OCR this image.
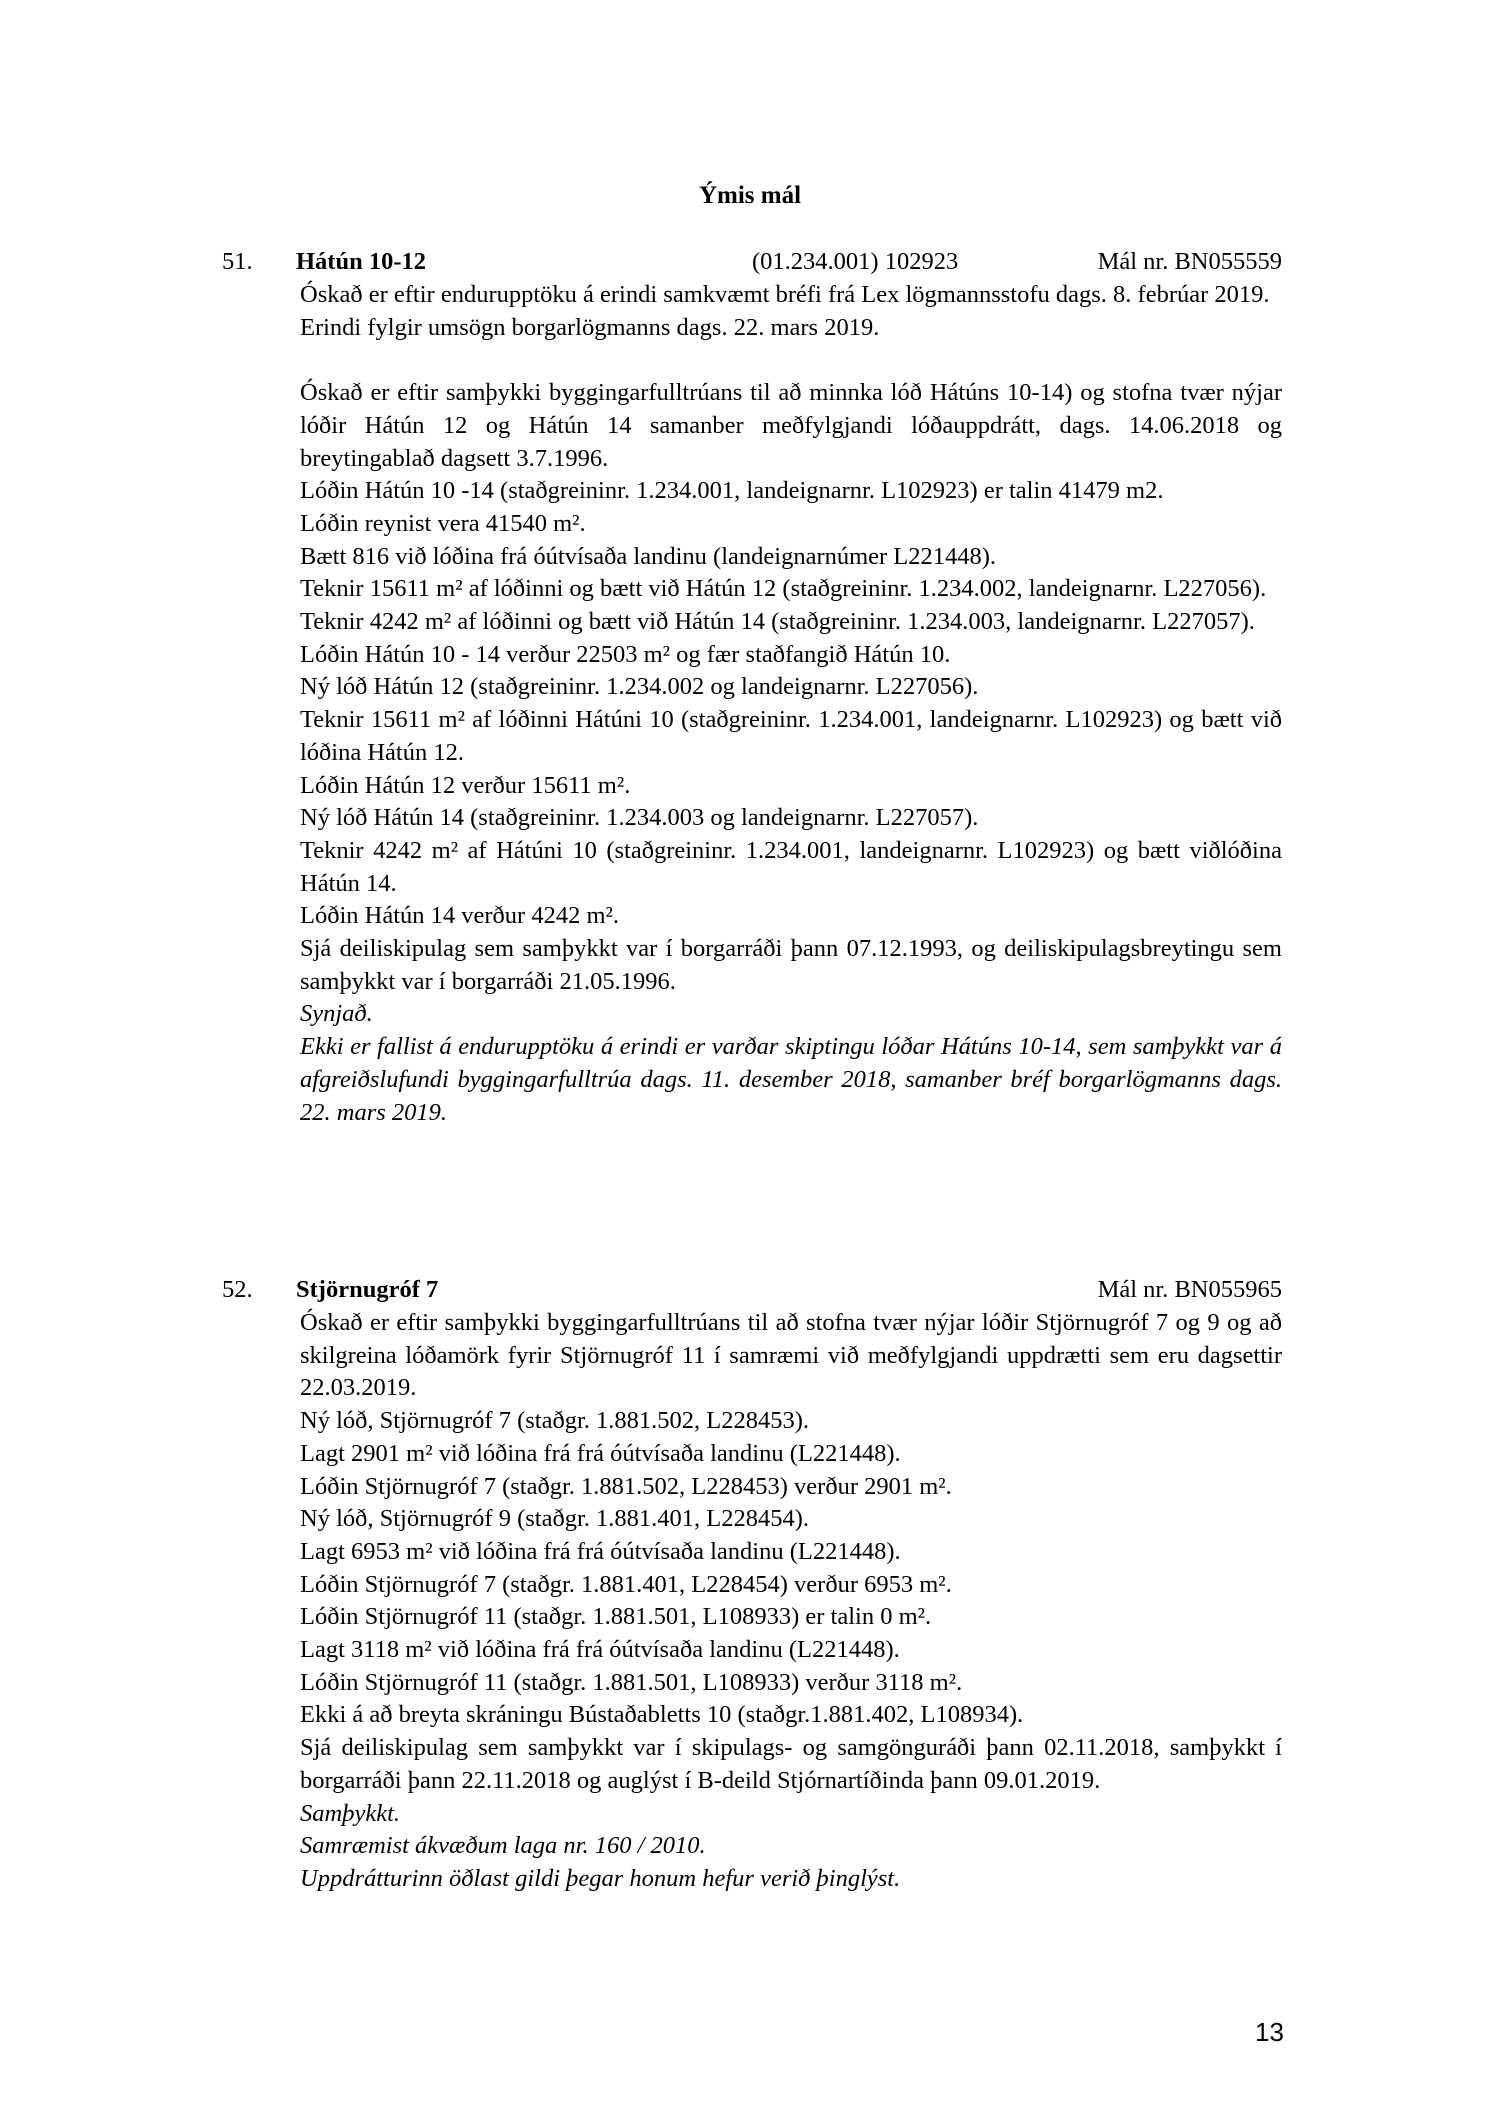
Ýmis mál
51. Hátún 10-12	(01.234.001) 102923	Mál nr. BN055559

Óskað er eftir endurupptöku á erindi samkvæmt bréfi frá Lex lögmannsstofu dags. 8. febrúar 2019.

Erindi fylgir umsögn borgarlögmanns dags. 22. mars 2019.

Óskað er eftir samþykki byggingarfulltrúans til að minnka lóð Hátúns 10-14) og stofna tvær nýjar lóðir Hátún 12 og Hátún 14 samanber meðfylgjandi lóðauppdrátt, dags. 14.06.2018 og breytingablað dagsett 3.7.1996.

Lóðin Hátún 10 -14 (staðgreininr. 1.234.001, landeignarnr. L102923) er talin 41479 m2.

Lóðin reynist vera 41540 m².

Bætt 816 við lóðina frá óútvísaða landinu (landeignarnúmer L221448).

Teknir 15611 m² af lóðinni og bætt við Hátún 12 (staðgreininr. 1.234.002, landeignarnr. L227056).

Teknir 4242 m² af lóðinni og bætt við Hátún 14 (staðgreininr. 1.234.003, landeignarnr. L227057).

Lóðin Hátún 10 - 14 verður 22503 m² og fær staðfangið Hátún 10.

Ný lóð Hátún 12 (staðgreininr. 1.234.002 og landeignarnr. L227056).

Teknir 15611 m² af lóðinni Hátúni 10 (staðgreininr. 1.234.001, landeignarnr. L102923) og bætt við lóðina Hátún 12.

Lóðin Hátún 12 verður 15611 m².

Ný lóð Hátún 14 (staðgreininr. 1.234.003 og landeignarnr. L227057).

Teknir 4242 m² af Hátúni 10 (staðgreininr. 1.234.001, landeignarnr. L102923) og bætt viðlóðina Hátún 14.

Lóðin Hátún 14 verður 4242 m².

Sjá deiliskipulag sem samþykkt var í borgarráði þann 07.12.1993, og deiliskipulagsbreytingu sem samþykkt var í borgarráði 21.05.1996.

Synjað.

Ekki er fallist á endurupptöku á erindi er varðar skiptingu lóðar Hátúns 10-14, sem samþykkt var á afgreiðslufundi byggingarfulltrúa dags. 11. desember 2018, samanber bréf borgarlögmanns dags. 22. mars 2019.

52. Stjörnugróf 7	Mál nr. BN055965

Óskað er eftir samþykki byggingarfulltrúans til að stofna tvær nýjar lóðir Stjörnugróf 7 og 9 og að skilgreina lóðamörk fyrir Stjörnugróf 11 í samræmi við meðfylgjandi uppdrætti sem eru dagsettir 22.03.2019.

Ný lóð, Stjörnugróf 7 (staðgr. 1.881.502, L228453).

Lagt 2901 m² við lóðina frá frá óútvísaða landinu (L221448).

Lóðin Stjörnugróf 7 (staðgr. 1.881.502, L228453) verður 2901 m².

Ný lóð, Stjörnugróf 9 (staðgr. 1.881.401, L228454).

Lagt 6953 m² við lóðina frá frá óútvísaða landinu (L221448).

Lóðin Stjörnugróf 7 (staðgr. 1.881.401, L228454) verður 6953 m².

Lóðin Stjörnugróf 11 (staðgr. 1.881.501, L108933) er talin 0 m².

Lagt 3118 m² við lóðina frá frá óútvísaða landinu (L221448).

Lóðin Stjörnugróf 11 (staðgr. 1.881.501, L108933) verður 3118 m².

Ekki á að breyta skráningu Bústaðabletts 10 (staðgr.1.881.402, L108934).

Sjá deiliskipulag sem samþykkt var í skipulags- og samgönguráði þann 02.11.2018, samþykkt í borgarráði þann 22.11.2018 og auglýst í B-deild Stjórnartíðinda þann 09.01.2019.

Samþykkt.

Samræmist ákvæðum laga nr. 160 / 2010.

Uppdrátturinn öðlast gildi þegar honum hefur verið þinglýst.

13
